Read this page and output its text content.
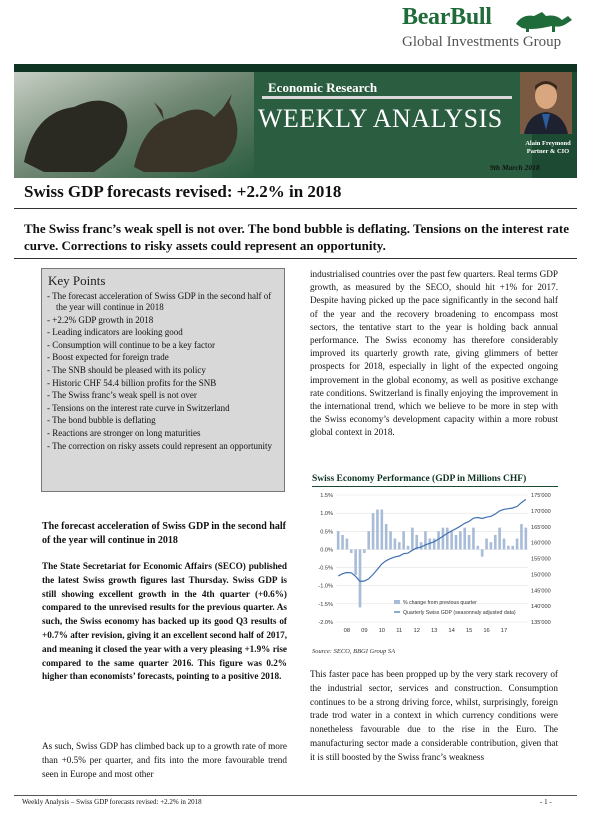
BearBull
Global Investments Group
Economic Research
WEEKLY ANALYSIS
Alain Freymond
Partner & CIO
9th March 2018
Swiss GDP forecasts revised: +2.2% in 2018
The Swiss franc’s weak spell is not over. The bond bubble is deflating. Tensions on the interest rate curve. Corrections to risky assets could represent an opportunity.
Key Points
- The forecast acceleration of Swiss GDP in the second half of the year will continue in 2018
- +2.2% GDP growth in 2018
- Leading indicators are looking good
- Consumption will continue to be a key factor
- Boost expected for foreign trade
- The SNB should be pleased with its policy
- Historic CHF 54.4 billion profits for the SNB
- The Swiss franc’s weak spell is not over
- Tensions on the interest rate curve in Switzerland
- The bond bubble is deflating
- Reactions are stronger on long maturities
- The correction on risky assets could represent an opportunity
The forecast acceleration of Swiss GDP in the second half of the year will continue in 2018
The State Secretariat for Economic Affairs (SECO) published the latest Swiss growth figures last Thursday. Swiss GDP is still showing excellent growth in the 4th quarter (+0.6%) compared to the unrevised results for the previous quarter. As such, the Swiss economy has backed up its good Q3 results of +0.7% after revision, giving it an excellent second half of 2017, and meaning it closed the year with a very pleasing +1.9% rise compared to the same quarter 2016. This figure was 0.2% higher than economists’ forecasts, pointing to a positive 2018.
As such, Swiss GDP has climbed back up to a growth rate of more than +0.5% per quarter, and fits into the more favourable trend seen in Europe and most other
industrialised countries over the past few quarters. Real terms GDP growth, as measured by the SECO, should hit +1% for 2017. Despite having picked up the pace significantly in the second half of the year and the recovery broadening to encompass most sectors, the tentative start to the year is holding back annual performance. The Swiss economy has therefore considerably improved its quarterly growth rate, giving glimmers of better prospects for 2018, especially in light of the expected ongoing improvement in the global economy, as well as positive exchange rate conditions. Switzerland is finally enjoying the improvement in the international trend, which we believe to be more in step with the Swiss economy’s development capacity within a more robust global context in 2018.
Swiss Economy Performance (GDP in Millions CHF)
1.5%
1.0%
0.5%
0.0%
-0.5%
-1.0%
-1.5%
-2.0%
175'000
170'000
165'000
160'000
155'000
150'000
145'000
140'000
135'000
08 09 10 11 12 13 14 15 16 17
% change from previous quarter
Quarterly Swiss GDP (seasonnaly adjusted data)
Source: SECO, BBGI Group SA
This faster pace has been propped up by the very stark recovery of the industrial sector, services and construction. Consumption continues to be a strong driving force, whilst, surprisingly, foreign trade trod water in a context in which currency conditions were nonetheless favourable due to the rise in the Euro. The manufacturing sector made a considerable contribution, given that it is still boosted by the Swiss franc’s weakness
Weekly Analysis – Swiss GDP forecasts revised: +2.2% in 2018	- 1 -
